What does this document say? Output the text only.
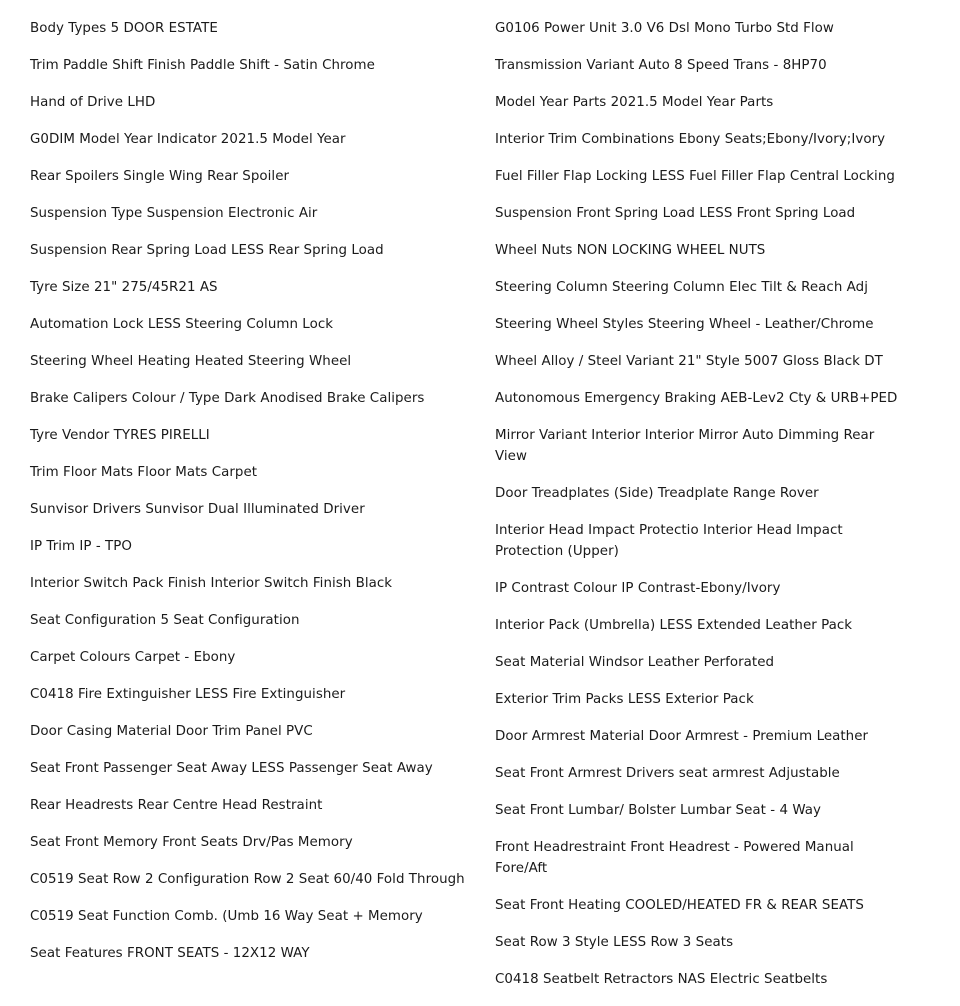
Body Types 5 DOOR ESTATE
Trim Paddle Shift Finish Paddle Shift - Satin Chrome
Hand of Drive LHD
G0DIM Model Year Indicator 2021.5 Model Year
Rear Spoilers Single Wing Rear Spoiler
Suspension Type Suspension Electronic Air
Suspension Rear Spring Load LESS Rear Spring Load
Tyre Size 21" 275/45R21 AS
Automation Lock LESS Steering Column Lock
Steering Wheel Heating Heated Steering Wheel
Brake Calipers Colour / Type Dark Anodised Brake Calipers
Tyre Vendor TYRES PIRELLI
Trim Floor Mats Floor Mats Carpet
Sunvisor Drivers Sunvisor Dual Illuminated Driver
IP Trim IP - TPO
Interior Switch Pack Finish Interior Switch Finish Black
Seat Configuration 5 Seat Configuration
Carpet Colours Carpet - Ebony
C0418 Fire Extinguisher LESS Fire Extinguisher
Door Casing Material Door Trim Panel PVC
Seat Front Passenger Seat Away LESS Passenger Seat Away
Rear Headrests Rear Centre Head Restraint
Seat Front Memory Front Seats Drv/Pas Memory
C0519 Seat Row 2 Configuration Row 2 Seat 60/40 Fold Through
C0519 Seat Function Comb. (Umb 16 Way Seat + Memory
Seat Features FRONT SEATS - 12X12 WAY
G0106 Power Unit 3.0 V6 Dsl Mono Turbo Std Flow
Transmission Variant Auto 8 Speed Trans - 8HP70
Model Year Parts 2021.5 Model Year Parts
Interior Trim Combinations Ebony Seats;Ebony/Ivory;Ivory
Fuel Filler Flap Locking LESS Fuel Filler Flap Central Locking
Suspension Front Spring Load LESS Front Spring Load
Wheel Nuts NON LOCKING WHEEL NUTS
Steering Column Steering Column Elec Tilt & Reach Adj
Steering Wheel Styles Steering Wheel - Leather/Chrome
Wheel Alloy / Steel Variant 21" Style 5007 Gloss Black DT
Autonomous Emergency Braking AEB-Lev2 Cty & URB+PED
Mirror Variant Interior Interior Mirror Auto Dimming Rear View
Door Treadplates (Side) Treadplate Range Rover
Interior Head Impact Protectio Interior Head Impact Protection (Upper)
IP Contrast Colour IP Contrast-Ebony/Ivory
Interior Pack (Umbrella) LESS Extended Leather Pack
Seat Material Windsor Leather Perforated
Exterior Trim Packs LESS Exterior Pack
Door Armrest Material Door Armrest - Premium Leather
Seat Front Armrest Drivers seat armrest Adjustable
Seat Front Lumbar/ Bolster Lumbar Seat - 4 Way
Front Headrestraint Front Headrest - Powered Manual Fore/Aft
Seat Front Heating COOLED/HEATED FR & REAR SEATS
Seat Row 3 Style LESS Row 3 Seats
C0418 Seatbelt Retractors NAS Electric Seatbelts
